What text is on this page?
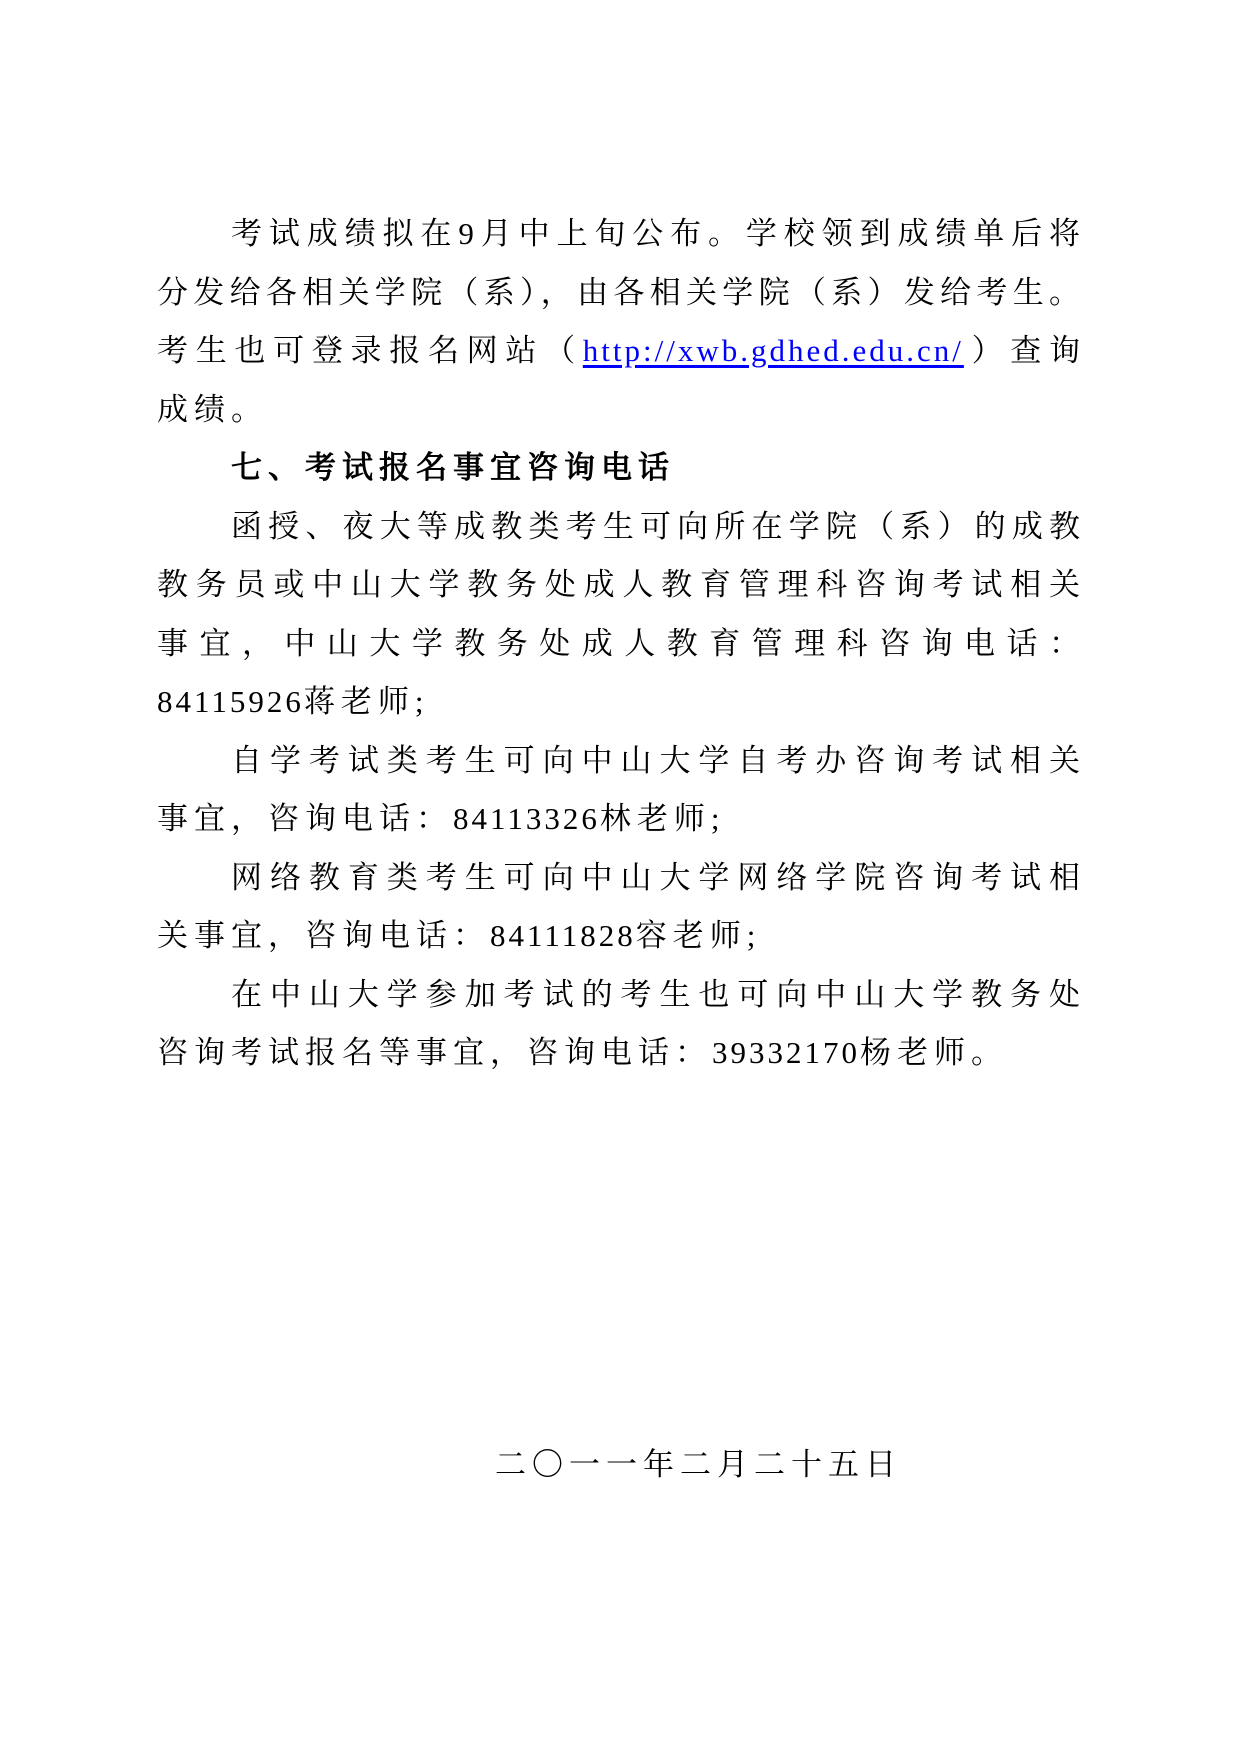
考试成绩拟在9月中上旬公布。学校领到成绩单后将
分发给各相关学院（系），由各相关学院（系）发给考生。
考生也可登录报名网站（http://xwb.gdhed.edu.cn/）查询
成绩。
七、考试报名事宜咨询电话
函授、夜大等成教类考生可向所在学院（系）的成教
教务员或中山大学教务处成人教育管理科咨询考试相关
事宜，中山大学教务处成人教育管理科咨询电话：
84115926蒋老师;
自学考试类考生可向中山大学自考办咨询考试相关
事宜，咨询电话：84113326林老师;
网络教育类考生可向中山大学网络学院咨询考试相
关事宜，咨询电话：84111828容老师;
在中山大学参加考试的考生也可向中山大学教务处
咨询考试报名等事宜，咨询电话：39332170杨老师。
二〇一一年二月二十五日
